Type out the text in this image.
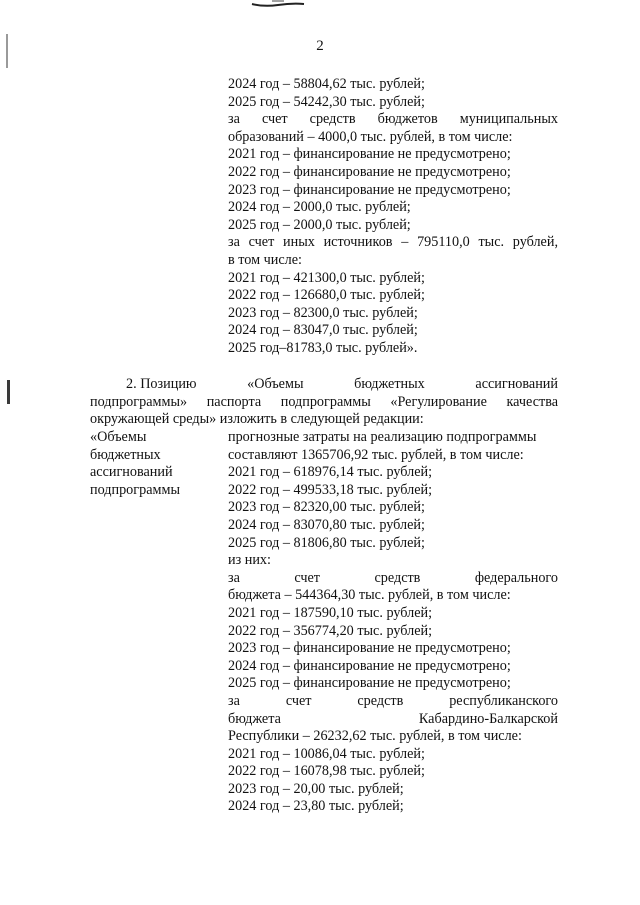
2
2024 год – 58804,62 тыс. рублей;
2025 год – 54242,30 тыс. рублей;
за счет средств бюджетов муниципальных
образований – 4000,0 тыс. рублей, в том числе:
2021 год – финансирование не предусмотрено;
2022 год – финансирование не предусмотрено;
2023 год – финансирование не предусмотрено;
2024 год – 2000,0 тыс. рублей;
2025 год – 2000,0 тыс. рублей;
за счет иных источников – 795110,0 тыс. рублей,
в том числе:
2021 год – 421300,0 тыс. рублей;
2022 год – 126680,0 тыс. рублей;
2023 год – 82300,0 тыс. рублей;
2024 год – 83047,0 тыс. рублей;
2025 год–81783,0 тыс. рублей».
2. Позицию	«Объемы	бюджетных	ассигнований
подпрограммы» паспорта подпрограммы «Регулирование качества
окружающей среды» изложить в следующей редакции:
«Объемы
бюджетных
ассигнований
подпрограммы
прогнозные затраты на реализацию подпрограммы
составляют 1365706,92 тыс. рублей, в том числе:
2021 год – 618976,14 тыс. рублей;
2022 год – 499533,18 тыс. рублей;
2023 год – 82320,00 тыс. рублей;
2024 год – 83070,80 тыс. рублей;
2025 год – 81806,80 тыс. рублей;
из них:
за	счет	средств	федерального
бюджета – 544364,30 тыс. рублей, в том числе:
2021 год – 187590,10 тыс. рублей;
2022 год – 356774,20 тыс. рублей;
2023 год – финансирование не предусмотрено;
2024 год – финансирование не предусмотрено;
2025 год – финансирование не предусмотрено;
за	счет	средств	республиканского
бюджета	Кабардино-Балкарской
Республики – 26232,62 тыс. рублей, в том числе:
2021 год – 10086,04 тыс. рублей;
2022 год – 16078,98 тыс. рублей;
2023 год – 20,00 тыс. рублей;
2024 год – 23,80 тыс. рублей;
